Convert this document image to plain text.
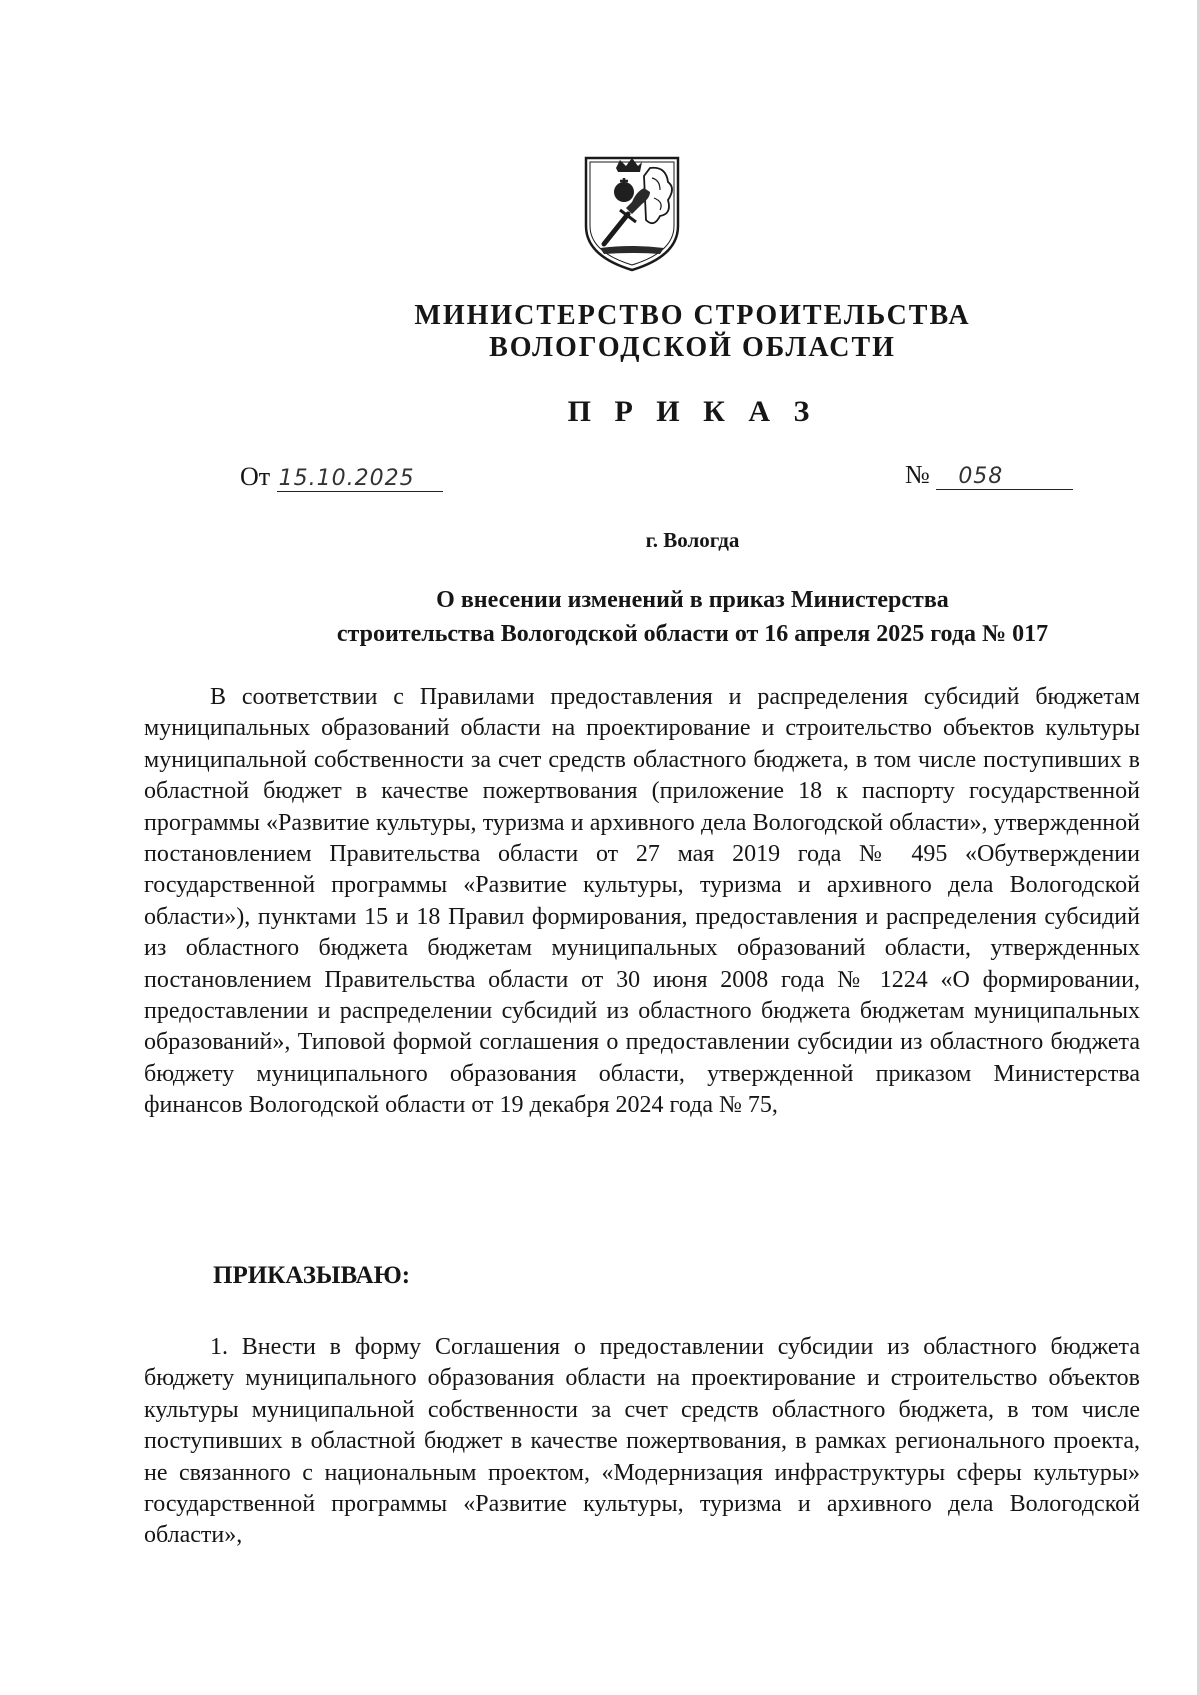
МИНИСТЕРСТВО СТРОИТЕЛЬСТВА
ВОЛОГОДСКОЙ ОБЛАСТИ
П Р И К А З
От 15.10.2025	№ 058
г. Вологда
О внесении изменений в приказ Министерства
строительства Вологодской области от 16 апреля 2025 года № 017

В соответствии с Правилами предоставления и распределения субсидий бюджетам муниципальных образований области на проектирование и строительство объектов культуры муниципальной собственности за счет средств областного бюджета, в том числе поступивших в областной бюджет в качестве пожертвования (приложение 18 к паспорту государственной программы «Развитие культуры, туризма и архивного дела Вологодской области», утвержденной постановлением Правительства области от 27 мая 2019 года № 495 «Обутверждении государственной программы «Развитие культуры, туризма и архивного дела Вологодской области»), пунктами 15 и 18 Правил формирования, предоставления и распределения субсидий из областного бюджета бюджетам муниципальных образований области, утвержденных постановлением Правительства области от 30 июня 2008 года № 1224 «О формировании, предоставлении и распределении субсидий из областного бюджета бюджетам муниципальных образований», Типовой формой соглашения о предоставлении субсидии из областного бюджета бюджету муниципального образования области, утвержденной приказом Министерства финансов Вологодской области от 19 декабря 2024 года № 75,

ПРИКАЗЫВАЮ:

1. Внести в форму Соглашения о предоставлении субсидии из областного бюджета бюджету муниципального образования области на проектирование и строительство объектов культуры муниципальной собственности за счет средств областного бюджета, в том числе поступивших в областной бюджет в качестве пожертвования, в рамках регионального проекта, не связанного с национальным проектом, «Модернизация инфраструктуры сферы культуры» государственной программы «Развитие культуры, туризма и архивного дела Вологодской области»,
